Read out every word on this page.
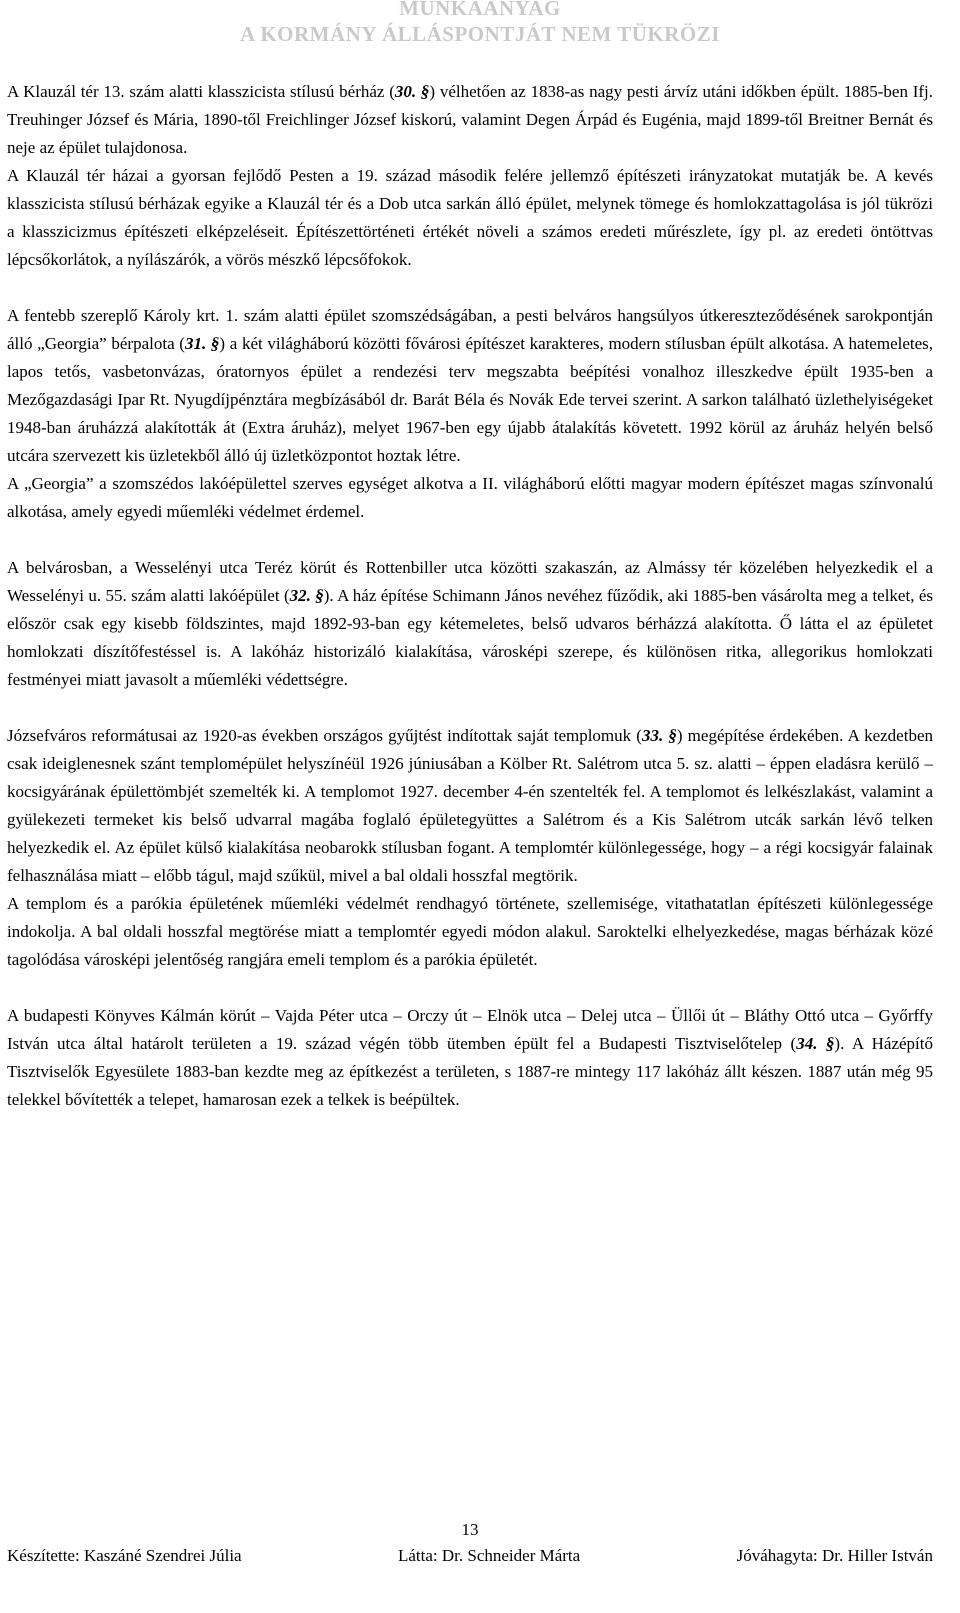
MUNKAANYAG
A KORMÁNY ÁLLÁSPONTJÁT NEM TÜKRÖZI

A Klauzál tér 13. szám alatti klasszicista stílusú bérház (30. §) vélhetően az 1838-as nagy pesti árvíz utáni időkben épült. 1885-ben Ifj. Treuhinger József és Mária, 1890-től Freichlinger József kiskorú, valamint Degen Árpád és Eugénia, majd 1899-től Breitner Bernát és neje az épület tulajdonosa.

A Klauzál tér házai a gyorsan fejlődő Pesten a 19. század második felére jellemző építészeti irányzatokat mutatják be. A kevés klasszicista stílusú bérházak egyike a Klauzál tér és a Dob utca sarkán álló épület, melynek tömege és homlokzattagolása is jól tükrözi a klasszicizmus építészeti elképzeléseit. Építészettörténeti értékét növeli a számos eredeti műrészlete, így pl. az eredeti öntöttvas lépcsőkorlátok, a nyílászárók, a vörös mészkő lépcsőfokok.

A fentebb szereplő Károly krt. 1. szám alatti épület szomszédságában, a pesti belváros hangsúlyos útkereszteződésének sarokpontján álló „Georgia” bérpalota (31. §) a két világháború közötti fővárosi építészet karakteres, modern stílusban épült alkotása. A hatemeletes, lapos tetős, vasbetonvázas, óratornyos épület a rendezési terv megszabta beépítési vonalhoz illeszkedve épült 1935-ben a Mezőgazdasági Ipar Rt. Nyugdíjpénztára megbízásából dr. Barát Béla és Novák Ede tervei szerint. A sarkon található üzlethelyiségeket 1948-ban áruházzá alakították át (Extra áruház), melyet 1967-ben egy újabb átalakítás követett. 1992 körül az áruház helyén belső utcára szervezett kis üzletekből álló új üzletközpontot hoztak létre.

A „Georgia” a szomszédos lakóépülettel szerves egységet alkotva a II. világháború előtti magyar modern építészet magas színvonalú alkotása, amely egyedi műemléki védelmet érdemel.

A belvárosban, a Wesselényi utca Teréz körút és Rottenbiller utca közötti szakaszán, az Almássy tér közelében helyezkedik el a Wesselényi u. 55. szám alatti lakóépület (32. §). A ház építése Schimann János nevéhez fűződik, aki 1885-ben vásárolta meg a telket, és először csak egy kisebb földszintes, majd 1892-93-ban egy kétemeletes, belső udvaros bérházzá alakította. Ő látta el az épületet homlokzati díszítőfestéssel is. A lakóház historizáló kialakítása, városképi szerepe, és különösen ritka, allegorikus homlokzati festményei miatt javasolt a műemléki védettségre.

Józsefváros reformátusai az 1920-as években országos gyűjtést indítottak saját templomuk (33. §) megépítése érdekében. A kezdetben csak ideiglenesnek szánt templomépület helyszínéül 1926 júniusában a Kölber Rt. Salétrom utca 5. sz. alatti – éppen eladásra kerülő – kocsigyárának épülettömbjét szemelték ki. A templomot 1927. december 4-én szentelték fel. A templomot és lelkészlakást, valamint a gyülekezeti termeket kis belső udvarral magába foglaló épületegyüttes a Salétrom és a Kis Salétrom utcák sarkán lévő telken helyezkedik el. Az épület külső kialakítása neobarokk stílusban fogant. A templomtér különlegessége, hogy – a régi kocsigyár falainak felhasználása miatt – előbb tágul, majd szűkül, mivel a bal oldali hosszfal megtörik.

A templom és a parókia épületének műemléki védelmét rendhagyó története, szellemisége, vitathatatlan építészeti különlegessége indokolja. A bal oldali hosszfal megtörése miatt a templomtér egyedi módon alakul. Saroktelki elhelyezkedése, magas bérházak közé tagolódása városképi jelentőség rangjára emeli templom és a parókia épületét.

A budapesti Könyves Kálmán körút – Vajda Péter utca – Orczy út – Elnök utca – Delej utca – Üllői út – Bláthy Ottó utca – Győrffy István utca által határolt területen a 19. század végén több ütemben épült fel a Budapesti Tisztviselőtelep (34. §). A Házépítő Tisztviselők Egyesülete 1883-ban kezdte meg az építkezést a területen, s 1887-re mintegy 117 lakóház állt készen. 1887 után még 95 telekkel bővítették a telepet, hamarosan ezek a telkek is beépültek.

13
Készítette: Kaszáné Szendrei Júlia	Látta: Dr. Schneider Márta	Jóváhagyta: Dr. Hiller István
